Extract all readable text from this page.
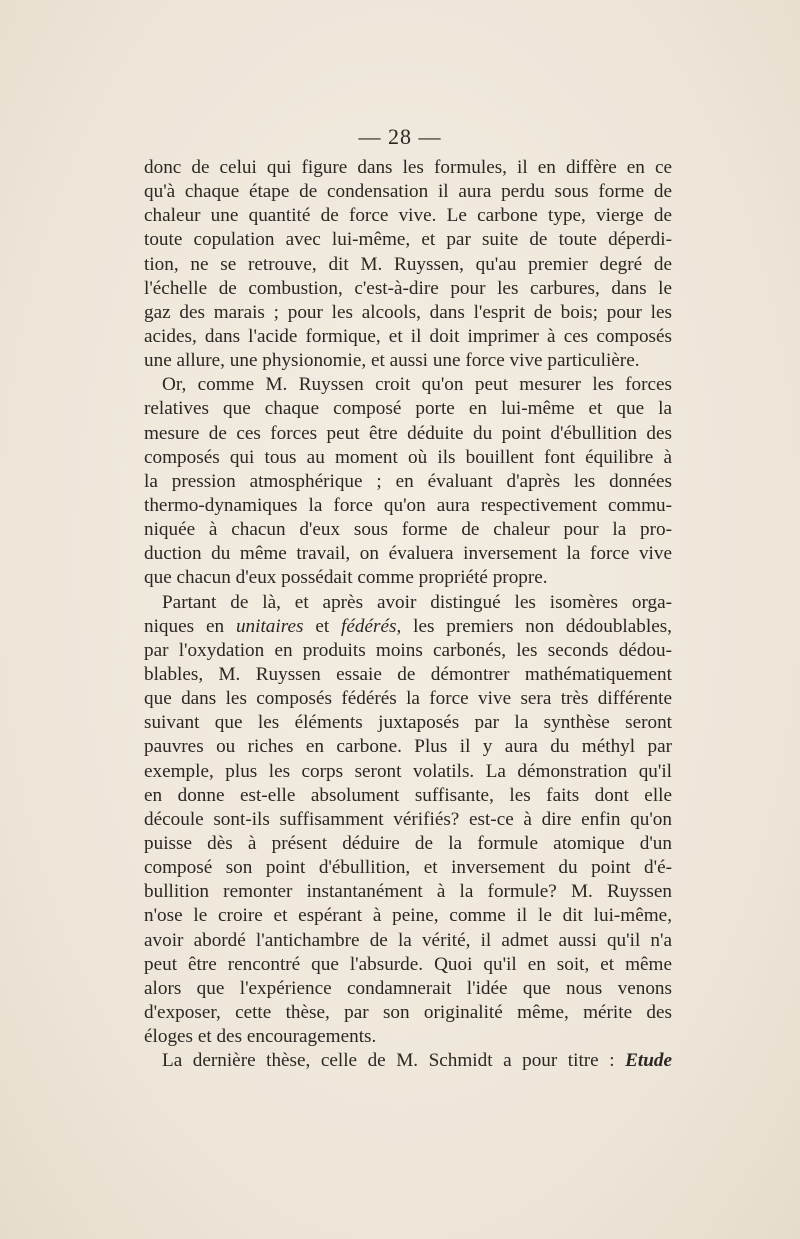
— 28 —
donc de celui qui figure dans les formules, il en diffère en ce
qu'à chaque étape de condensation il aura perdu sous forme de
chaleur une quantité de force vive. Le carbone type, vierge de
toute copulation avec lui-même, et par suite de toute déperdi-
tion, ne se retrouve, dit M. Ruyssen, qu'au premier degré de
l'échelle de combustion, c'est-à-dire pour les carbures, dans le
gaz des marais ; pour les alcools, dans l'esprit de bois; pour les
acides, dans l'acide formique, et il doit imprimer à ces composés
une allure, une physionomie, et aussi une force vive particulière.
Or, comme M. Ruyssen croit qu'on peut mesurer les forces
relatives que chaque composé porte en lui-même et que la
mesure de ces forces peut être déduite du point d'ébullition des
composés qui tous au moment où ils bouillent font équilibre à
la pression atmosphérique ; en évaluant d'après les données
thermo-dynamiques la force qu'on aura respectivement commu-
niquée à chacun d'eux sous forme de chaleur pour la pro-
duction du même travail, on évaluera inversement la force vive
que chacun d'eux possédait comme propriété propre.
Partant de là, et après avoir distingué les isomères orga-
niques en unitaires et fédérés, les premiers non dédoublables,
par l'oxydation en produits moins carbonés, les seconds dédou-
blables, M. Ruyssen essaie de démontrer mathématiquement
que dans les composés fédérés la force vive sera très différente
suivant que les éléments juxtaposés par la synthèse seront
pauvres ou riches en carbone. Plus il y aura du méthyl par
exemple, plus les corps seront volatils. La démonstration qu'il
en donne est-elle absolument suffisante, les faits dont elle
découle sont-ils suffisamment vérifiés? est-ce à dire enfin qu'on
puisse dès à présent déduire de la formule atomique d'un
composé son point d'ébullition, et inversement du point d'é-
bullition remonter instantanément à la formule? M. Ruyssen
n'ose le croire et espérant à peine, comme il le dit lui-même,
avoir abordé l'antichambre de la vérité, il admet aussi qu'il n'a
peut être rencontré que l'absurde. Quoi qu'il en soit, et même
alors que l'expérience condamnerait l'idée que nous venons
d'exposer, cette thèse, par son originalité même, mérite des
éloges et des encouragements.
La dernière thèse, celle de M. Schmidt a pour titre : Etude
